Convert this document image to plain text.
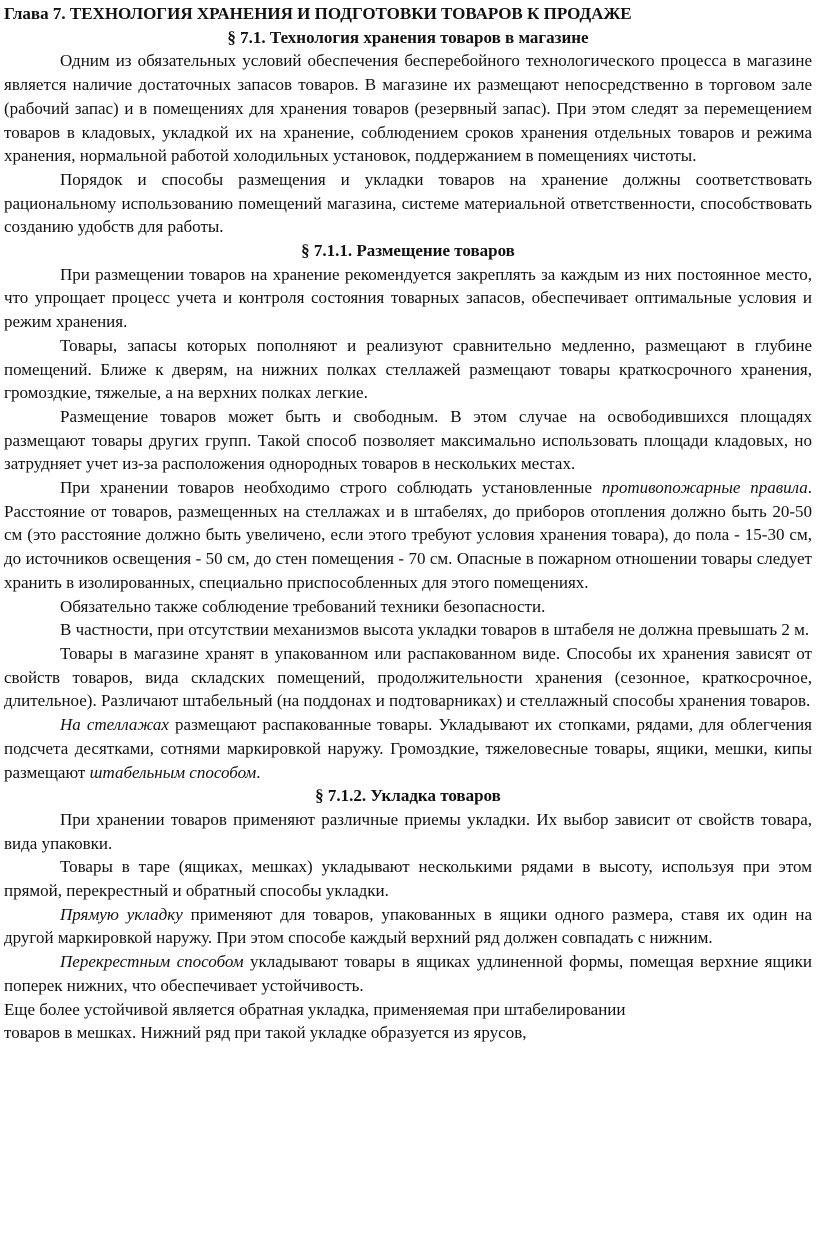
Глава 7. ТЕХНОЛОГИЯ ХРАНЕНИЯ И ПОДГОТОВКИ ТОВАРОВ К ПРОДАЖЕ
§ 7.1. Технология хранения товаров в магазине

Одним из обязательных условий обеспечения бесперебойного технологического процесса в магазине является наличие достаточных запасов товаров. В магазине их размещают непосредственно в торговом зале (рабочий запас) и в помещениях для хранения товаров (резервный запас). При этом следят за перемещением товаров в кладовых, укладкой их на хранение, соблюдением сроков хранения отдельных товаров и режима хранения, нормальной работой холодильных установок, поддержанием в помещениях чистоты.

Порядок и способы размещения и укладки товаров на хранение должны соответствовать рациональному использованию помещений магазина, системе материальной ответственности, способствовать созданию удобств для работы.

§ 7.1.1. Размещение товаров

При размещении товаров на хранение рекомендуется закреплять за каждым из них постоянное место, что упрощает процесс учета и контроля состояния товарных запасов, обеспечивает оптимальные условия и режим хранения.

Товары, запасы которых пополняют и реализуют сравнительно медленно, размещают в глубине помещений. Ближе к дверям, на нижних полках стеллажей размещают товары краткосрочного хранения, громоздкие, тяжелые, а на верхних полках легкие.

Размещение товаров может быть и свободным. В этом случае на освободившихся площадях размещают товары других групп. Такой способ позволяет максимально использовать площади кладовых, но затрудняет учет из-за расположения однородных товаров в нескольких местах.

При хранении товаров необходимо строго соблюдать установленные противопожарные правила. Расстояние от товаров, размещенных на стеллажах и в штабелях, до приборов отопления должно быть 20-50 см (это расстояние должно быть увеличено, если этого требуют условия хранения товара), до пола - 15-30 см, до источников освещения - 50 см, до стен помещения - 70 см. Опасные в пожарном отношении товары следует хранить в изолированных, специально приспособленных для этого помещениях.

Обязательно также соблюдение требований техники безопасности.

В частности, при отсутствии механизмов высота укладки товаров в штабеля не должна превышать 2 м.

Товары в магазине хранят в упакованном или распакованном виде. Способы их хранения зависят от свойств товаров, вида складских помещений, продолжительности хранения (сезонное, краткосрочное, длительное). Различают штабельный (на поддонах и подтоварниках) и стеллажный способы хранения товаров.

На стеллажах размещают распакованные товары. Укладывают их стопками, рядами, для облегчения подсчета десятками, сотнями маркировкой наружу. Громоздкие, тяжеловесные товары, ящики, мешки, кипы размещают штабельным способом.

§ 7.1.2. Укладка товаров

При хранении товаров применяют различные приемы укладки. Их выбор зависит от свойств товара, вида упаковки.

Товары в таре (ящиках, мешках) укладывают несколькими рядами в высоту, используя при этом прямой, перекрестный и обратный способы укладки.

Прямую укладку применяют для товаров, упакованных в ящики одного размера, ставя их один на другой маркировкой наружу. При этом способе каждый верхний ряд должен совпадать с нижним.

Перекрестным способом укладывают товары в ящиках удлиненной формы, помещая верхние ящики поперек нижних, что обеспечивает устойчивость.

Еще более устойчивой является обратная укладка, применяемая при штабелировании

товаров в мешках. Нижний ряд при такой укладке образуется из ярусов,
